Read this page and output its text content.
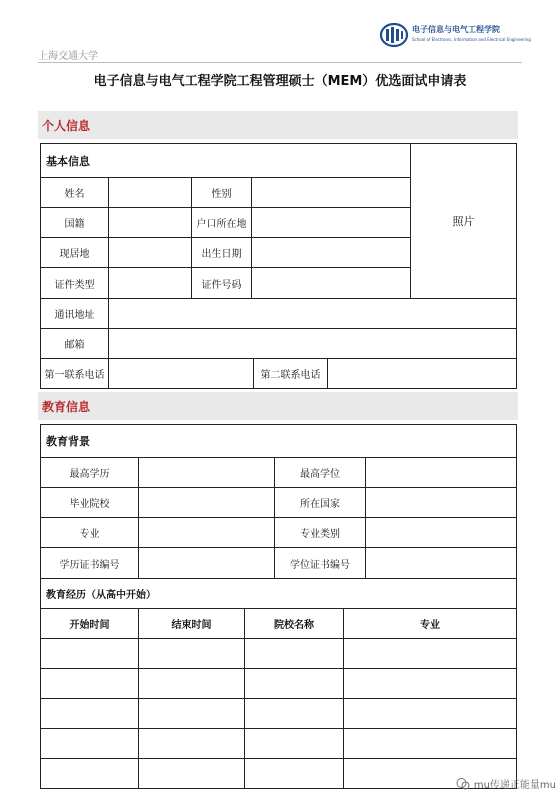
上海交通大学
电子信息与电气工程学院
School of Electronic, Information and Electrical Engineering
电子信息与电气工程学院工程管理硕士（MEM）优选面试申请表
个人信息
基本信息
照片
姓名	性别
国籍	户口所在地
现居地	出生日期
证件类型	证件号码
通讯地址
邮箱
第一联系电话	第二联系电话
教育信息
教育背景
最高学历	最高学位
毕业院校	所在国家
专业	专业类别
学历证书编号	学位证书编号
教育经历（从高中开始）
开始时间	结束时间	院校名称	专业
mu传递正能量mu
